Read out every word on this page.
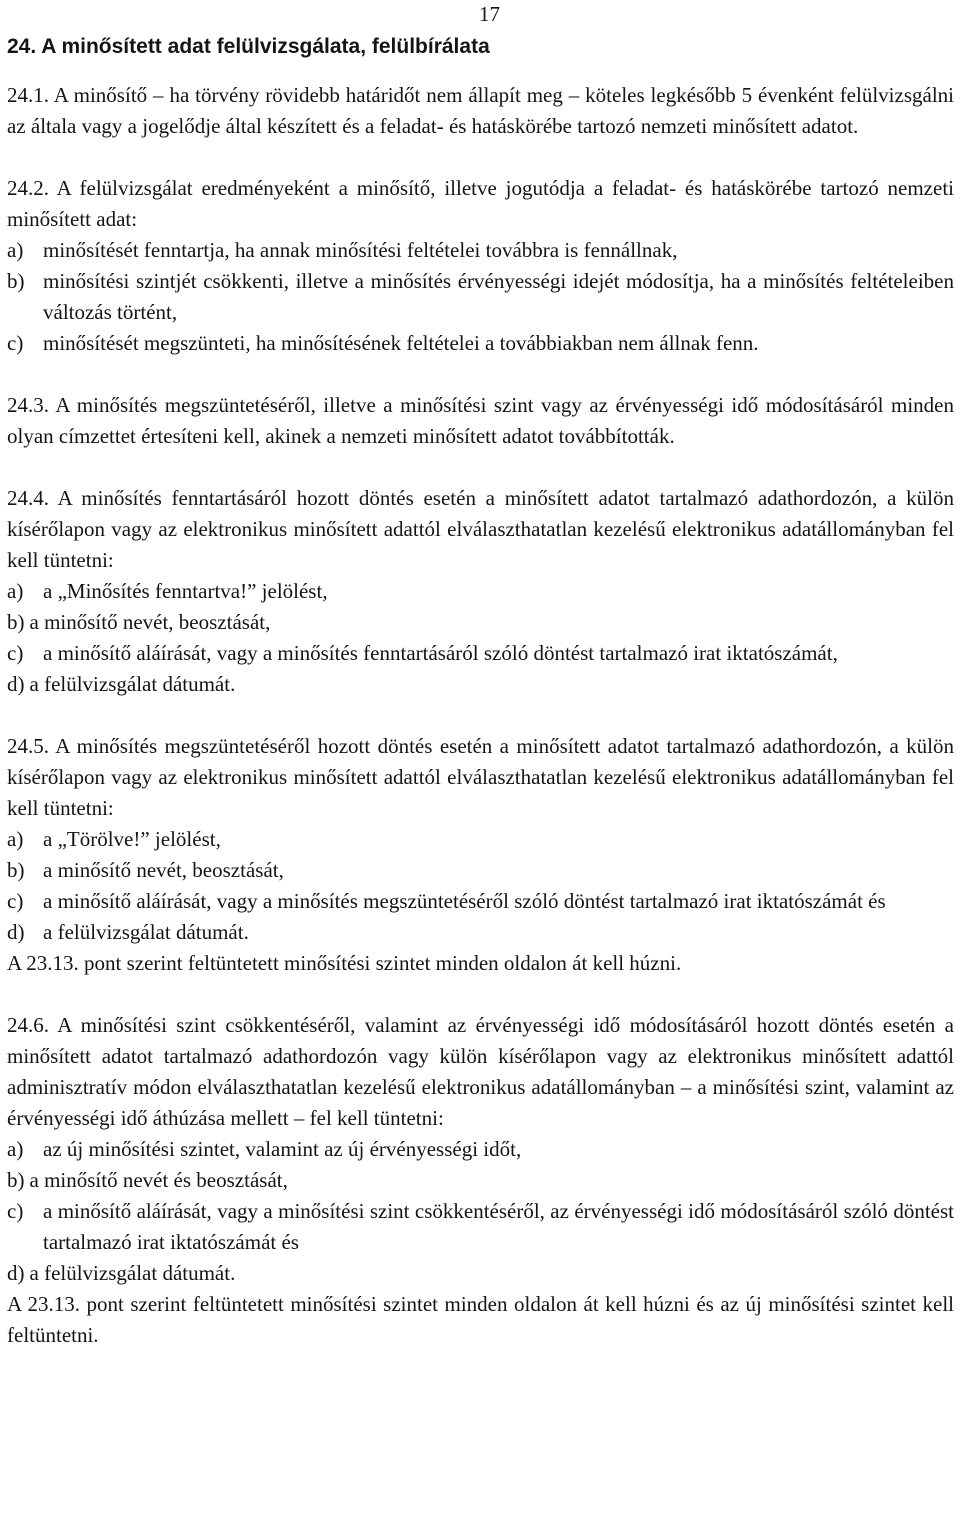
17
24. A minősített adat felülvizsgálata, felülbírálata

24.1. A minősítő – ha törvény rövidebb határidőt nem állapít meg – köteles legkésőbb 5 évenként felülvizsgálni az általa vagy a jogelődje által készített és a feladat- és hatáskörébe tartozó nemzeti minősített adatot.

24.2. A felülvizsgálat eredményeként a minősítő, illetve jogutódja a feladat- és hatáskörébe tartozó nemzeti minősített adat:

a) minősítését fenntartja, ha annak minősítési feltételei továbbra is fennállnak,
b) minősítési szintjét csökkenti, illetve a minősítés érvényességi idejét módosítja, ha a minősítés feltételeiben változás történt,
c) minősítését megszünteti, ha minősítésének feltételei a továbbiakban nem állnak fenn.

24.3. A minősítés megszüntetéséről, illetve a minősítési szint vagy az érvényességi idő módosításáról minden olyan címzettet értesíteni kell, akinek a nemzeti minősített adatot továbbították.

24.4. A minősítés fenntartásáról hozott döntés esetén a minősített adatot tartalmazó adathordozón, a külön kísérőlapon vagy az elektronikus minősített adattól elválaszthatatlan kezelésű elektronikus adatállományban fel kell tüntetni:

a) a „Minősítés fenntartva!” jelölést,
b) a minősítő nevét, beosztását,
c) a minősítő aláírását, vagy a minősítés fenntartásáról szóló döntést tartalmazó irat iktatószámát,
d) a felülvizsgálat dátumát.

24.5. A minősítés megszüntetéséről hozott döntés esetén a minősített adatot tartalmazó adathordozón, a külön kísérőlapon vagy az elektronikus minősített adattól elválaszthatatlan kezelésű elektronikus adatállományban fel kell tüntetni:

a) a „Törölve!” jelölést,
b) a minősítő nevét, beosztását,
c) a minősítő aláírását, vagy a minősítés megszüntetéséről szóló döntést tartalmazó irat iktatószámát és
d) a felülvizsgálat dátumát.

A 23.13. pont szerint feltüntetett minősítési szintet minden oldalon át kell húzni.

24.6. A minősítési szint csökkentéséről, valamint az érvényességi idő módosításáról hozott döntés esetén a minősített adatot tartalmazó adathordozón vagy külön kísérőlapon vagy az elektronikus minősített adattól adminisztratív módon elválaszthatatlan kezelésű elektronikus adatállományban – a minősítési szint, valamint az érvényességi idő áthúzása mellett – fel kell tüntetni:

a) az új minősítési szintet, valamint az új érvényességi időt,
b) a minősítő nevét és beosztását,
c) a minősítő aláírását, vagy a minősítési szint csökkentéséről, az érvényességi idő módosításáról szóló döntést tartalmazó irat iktatószámát és
d) a felülvizsgálat dátumát.

A 23.13. pont szerint feltüntetett minősítési szintet minden oldalon át kell húzni és az új minősítési szintet kell feltüntetni.
